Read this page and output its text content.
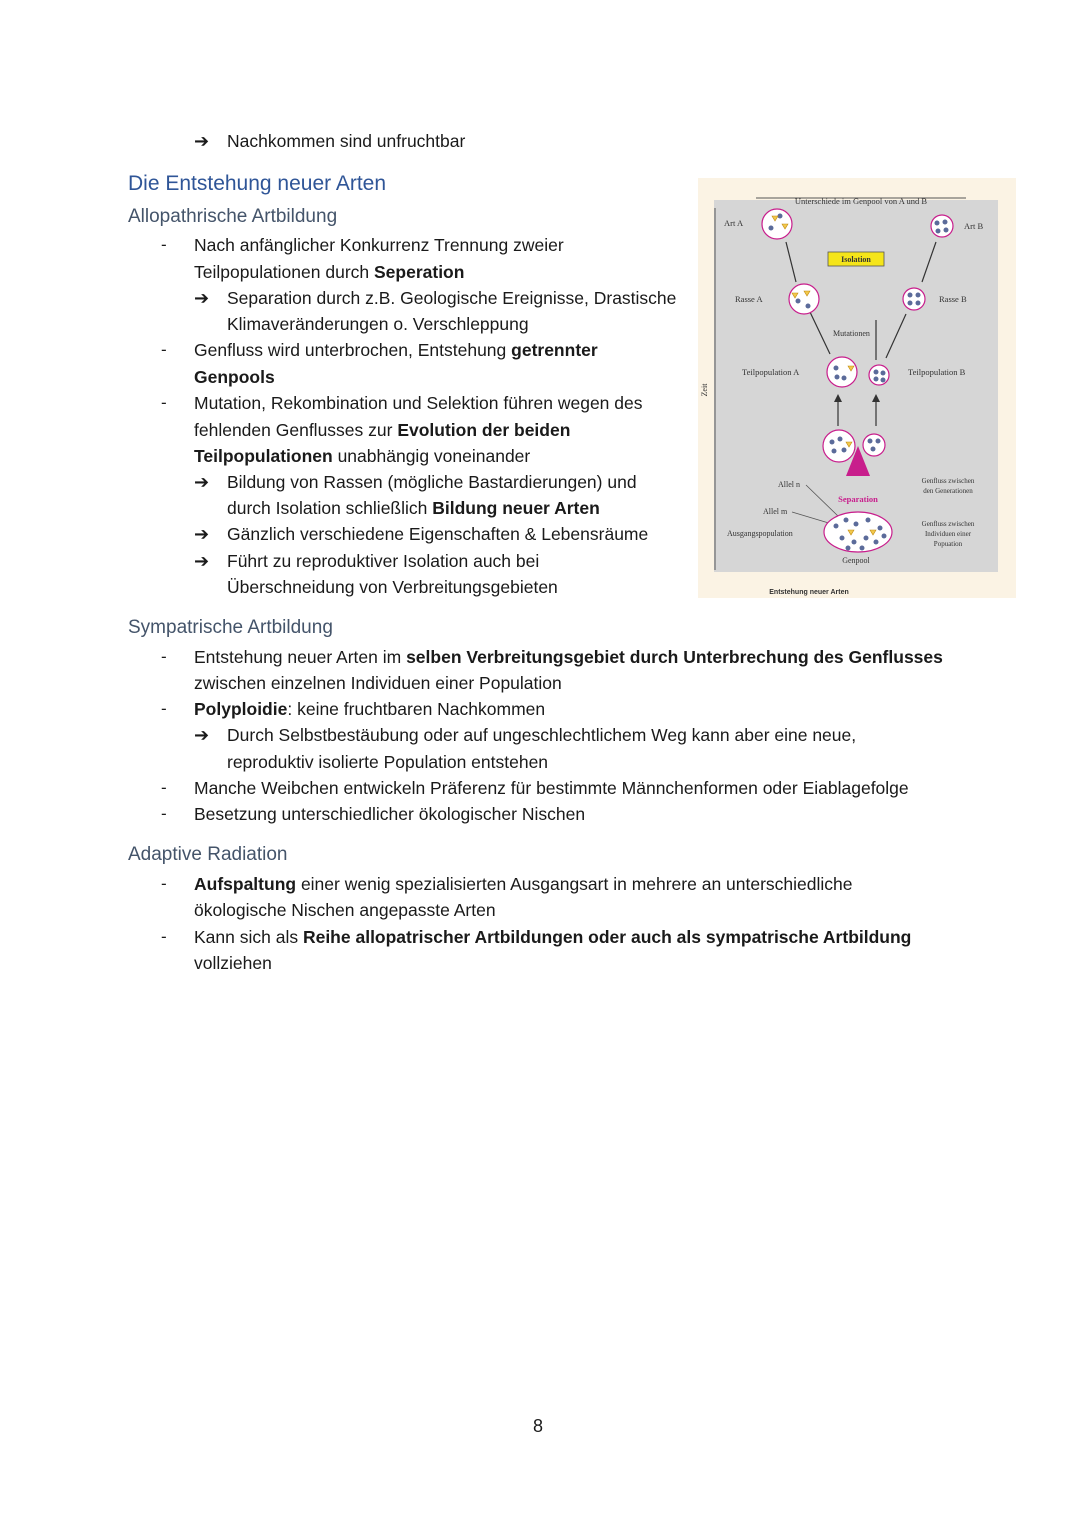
➔ Nachkommen sind unfruchtbar
Die Entstehung neuer Arten
Allopathrische Artbildung
- Nach anfänglicher Konkurrenz Trennung zweier
Teilpopulationen durch Seperation
➔ Separation durch z.B. Geologische Ereignisse, Drastische
Klimaveränderungen o. Verschleppung
- Genfluss wird unterbrochen, Entstehung getrennter
Genpools
- Mutation, Rekombination und Selektion führen wegen des
fehlenden Genflusses zur Evolution der beiden
Teilpopulationen unabhängig voneinander
➔ Bildung von Rassen (mögliche Bastardierungen) und
durch Isolation schließlich Bildung neuer Arten
➔ Gänzlich verschiedene Eigenschaften & Lebensräume
➔ Führt zu reproduktiver Isolation auch bei
Überschneidung von Verbreitungsgebieten
Unterschiede im Genpool von A und B
Zeit
Art A	Art B
Rasse A	Rasse B
Mutationen
Teilpopulation A	Teilpopulation B
Allel n
Allel m
Ausgangspopulation
Separation
Genpool
Genfluss zwischen
den Generationen
Genfluss zwischen
Individuen einer
Popuation
Isolation
Entstehung neuer Arten
Sympatrische Artbildung
- Entstehung neuer Arten im selben Verbreitungsgebiet durch Unterbrechung des Genflusses
zwischen einzelnen Individuen einer Population
- Polyploidie: keine fruchtbaren Nachkommen
➔ Durch Selbstbestäubung oder auf ungeschlechtlichem Weg kann aber eine neue,
reproduktiv isolierte Population entstehen
- Manche Weibchen entwickeln Präferenz für bestimmte Männchenformen oder Eiablagefolge
- Besetzung unterschiedlicher ökologischer Nischen
Adaptive Radiation
- Aufspaltung einer wenig spezialisierten Ausgangsart in mehrere an unterschiedliche
ökologische Nischen angepasste Arten
- Kann sich als Reihe allopatrischer Artbildungen oder auch als sympatrische Artbildung
vollziehen
8
